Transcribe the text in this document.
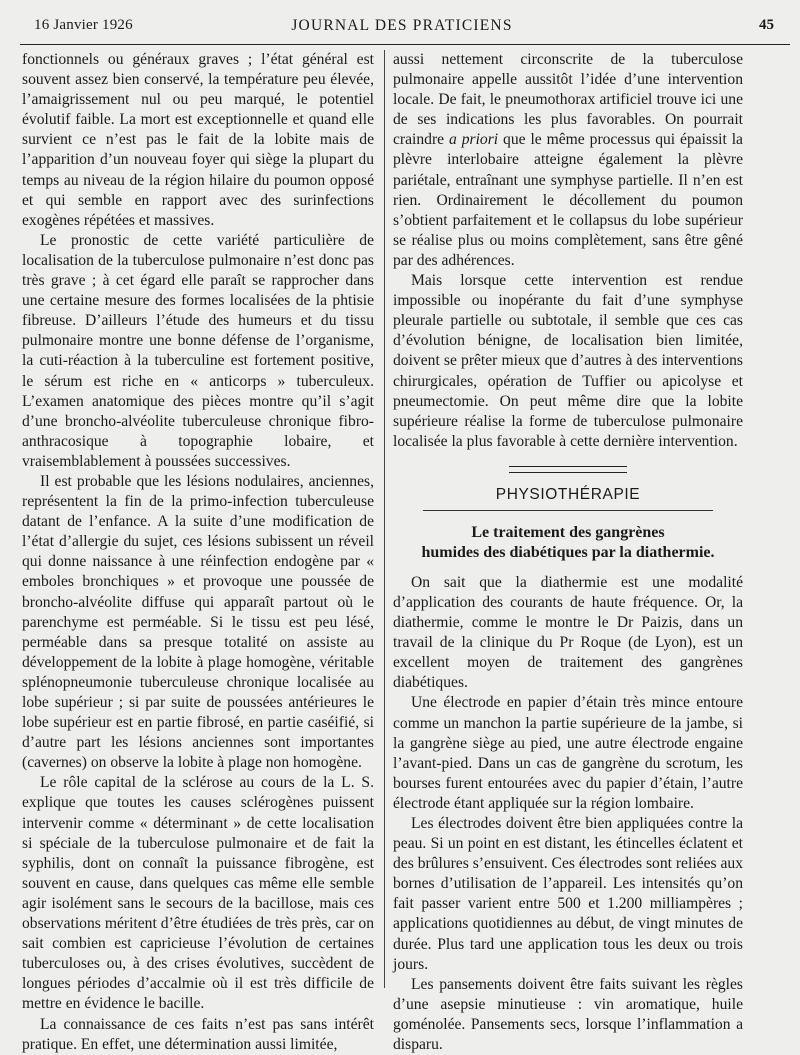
16 Janvier 1926	JOURNAL DES PRATICIENS	45

fonctionnels ou généraux graves ; l’état général est souvent assez bien conservé, la température peu élevée, l’amaigrissement nul ou peu marqué, le potentiel évolutif faible. La mort est exceptionnelle et quand elle survient ce n’est pas le fait de la lobite mais de l’apparition d’un nouveau foyer qui siège la plupart du temps au niveau de la région hilaire du poumon opposé et qui semble en rapport avec des surinfections exogènes répétées et massives.

Le pronostic de cette variété particulière de localisation de la tuberculose pulmonaire n’est donc pas très grave ; à cet égard elle paraît se rapprocher dans une certaine mesure des formes localisées de la phtisie fibreuse. D’ailleurs l’étude des humeurs et du tissu pulmonaire montre une bonne défense de l’organisme, la cuti-réaction à la tuberculine est fortement positive, le sérum est riche en « anticorps » tuberculeux. L’examen anatomique des pièces montre qu’il s’agit d’une broncho-alvéolite tuberculeuse chronique fibro-anthracosique à topographie lobaire, et vraisemblablement à poussées successives.

Il est probable que les lésions nodulaires, anciennes, représentent la fin de la primo-infection tuberculeuse datant de l’enfance. A la suite d’une modification de l’état d’allergie du sujet, ces lésions subissent un réveil qui donne naissance à une réinfection endogène par « emboles bronchiques » et provoque une poussée de broncho-alvéolite diffuse qui apparaît partout où le parenchyme est perméable. Si le tissu est peu lésé, perméable dans sa presque totalité on assiste au développement de la lobite à plage homogène, véritable splénopneumonie tuberculeuse chronique localisée au lobe supérieur ; si par suite de poussées antérieures le lobe supérieur est en partie fibrosé, en partie caséifié, si d’autre part les lésions anciennes sont importantes (cavernes) on observe la lobite à plage non homogène.

Le rôle capital de la sclérose au cours de la L. S. explique que toutes les causes sclérogènes puissent intervenir comme « déterminant » de cette localisation si spéciale de la tuberculose pulmonaire et de fait la syphilis, dont on connaît la puissance fibrogène, est souvent en cause, dans quelques cas même elle semble agir isolément sans le secours de la bacillose, mais ces observations méritent d’être étudiées de très près, car on sait combien est capricieuse l’évolution de certaines tuberculoses ou, à des crises évolutives, succèdent de longues périodes d’accalmie où il est très difficile de mettre en évidence le bacille.

La connaissance de ces faits n’est pas sans intérêt pratique. En effet, une détermination aussi limitée,

aussi nettement circonscrite de la tuberculose pulmonaire appelle aussitôt l’idée d’une intervention locale. De fait, le pneumothorax artificiel trouve ici une de ses indications les plus favorables. On pourrait craindre a priori que le même processus qui épaissit la plèvre interlobaire atteigne également la plèvre pariétale, entraînant une symphyse partielle. Il n’en est rien. Ordinairement le décollement du poumon s’obtient parfaitement et le collapsus du lobe supérieur se réalise plus ou moins complètement, sans être gêné par des adhérences.

Mais lorsque cette intervention est rendue impossible ou inopérante du fait d’une symphyse pleurale partielle ou subtotale, il semble que ces cas d’évolution bénigne, de localisation bien limitée, doivent se prêter mieux que d’autres à des interventions chirurgicales, opération de Tuffier ou apicolyse et pneumectomie. On peut même dire que la lobite supérieure réalise la forme de tuberculose pulmonaire localisée la plus favorable à cette dernière intervention.

PHYSIOTHÉRAPIE
Le traitement des gangrènes
humides des diabétiques par la diathermie.

On sait que la diathermie est une modalité d’application des courants de haute fréquence. Or, la diathermie, comme le montre le Dr Paizis, dans un travail de la clinique du Pr Roque (de Lyon), est un excellent moyen de traitement des gangrènes diabétiques.

Une électrode en papier d’étain très mince entoure comme un manchon la partie supérieure de la jambe, si la gangrène siège au pied, une autre électrode engaine l’avant-pied. Dans un cas de gangrène du scrotum, les bourses furent entourées avec du papier d’étain, l’autre électrode étant appliquée sur la région lombaire.

Les électrodes doivent être bien appliquées contre la peau. Si un point en est distant, les étincelles éclatent et des brûlures s’ensuivent. Ces électrodes sont reliées aux bornes d’utilisation de l’appareil. Les intensités qu’on fait passer varient entre 500 et 1.200 milliampères ; applications quotidiennes au début, de vingt minutes de durée. Plus tard une application tous les deux ou trois jours.

Les pansements doivent être faits suivant les règles d’une asepsie minutieuse : vin aromatique, huile goménolée. Pansements secs, lorsque l’inflammation a disparu.
